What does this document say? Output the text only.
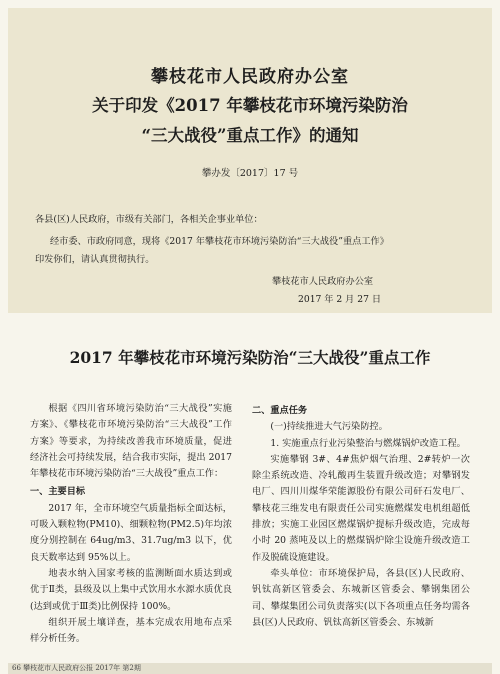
攀枝花市人民政府办公室
关于印发《2017 年攀枝花市环境污染防治
“三大战役”重点工作》的通知
攀办发〔2017〕17 号
各县(区)人民政府，市级有关部门，各相关企事业单位：
经市委、市政府同意，现将《2017 年攀枝花市环境污染防治“三大战役”重点工作》
印发你们，请认真贯彻执行。
攀枝花市人民政府办公室
2017 年 2 月 27 日
2017 年攀枝花市环境污染防治“三大战役”重点工作

根据《四川省环境污染防治“三大战役”实施方案》、《攀枝花市环境污染防治“三大战役”工作方案》等要求，为持续改善我市环境质量，促进经济社会可持续发展，结合我市实际，提出 2017 年攀枝花市环境污染防治“三大战役”重点工作：

一、主要目标

2017 年，全市环境空气质量指标全面达标，可吸入颗粒物(PM10)、细颗粒物(PM2.5)年均浓度分别控制在 64ug/m3、31.7ug/m3 以下，优良天数率达到 95%以上。

地表水纳入国家考核的监测断面水质达到或优于Ⅱ类，县级及以上集中式饮用水水源水质优良(达到或优于Ⅲ类)比例保持 100%。

组织开展土壤详查，基本完成农用地布点采样分析任务。

二、重点任务

(一)持续推进大气污染防控。

1. 实施重点行业污染整治与燃煤锅炉改造工程。

实施攀钢 3#、4#焦炉烟气治理、2#转炉一次除尘系统改造、冷轧酸再生装置升级改造；对攀钢发电厂、四川川煤华荣能源股份有限公司矸石发电厂、攀枝花三维发电有限责任公司实施燃煤发电机组超低排放；实施工业园区燃煤锅炉提标升级改造，完成每小时 20 蒸吨及以上的燃煤锅炉除尘设施升级改造工作及脱硫设施建设。

牵头单位：市环境保护局，各县(区)人民政府、钒钛高新区管委会、东城新区管委会、攀钢集团公司、攀煤集团公司负责落实(以下各项重点任务均需各县(区)人民政府、钒钛高新区管委会、东城新

66 攀枝花市人民政府公报 2017年 第2期
